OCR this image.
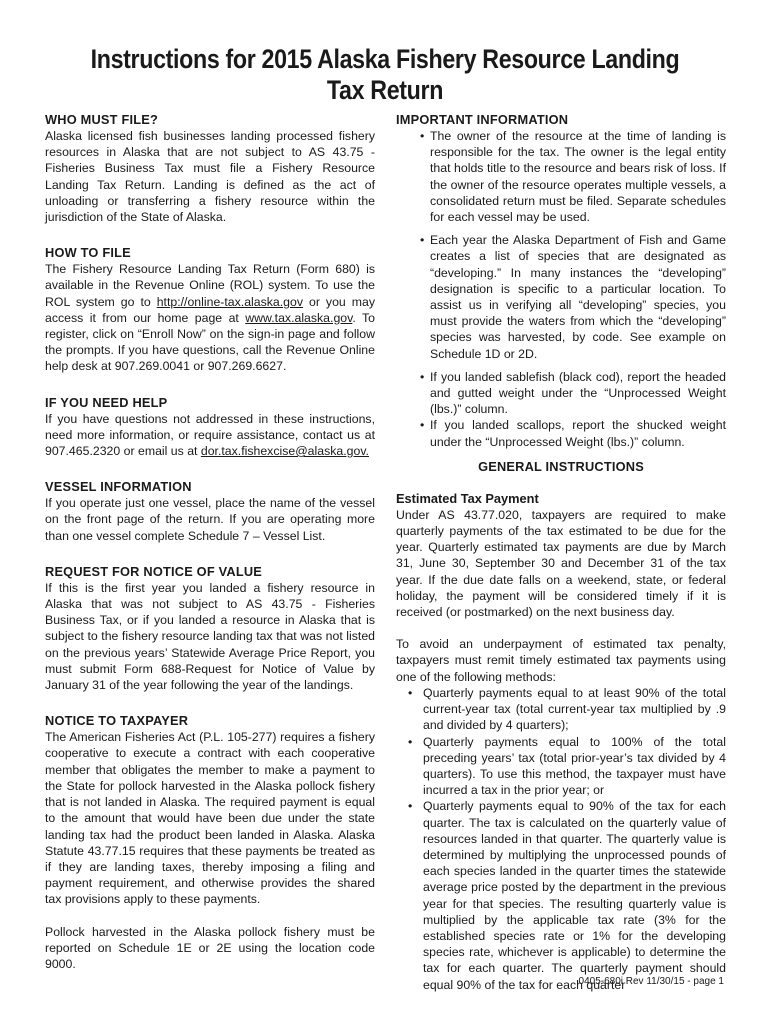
Instructions for 2015 Alaska Fishery Resource Landing
Tax Return
WHO MUST FILE?

Alaska licensed fish businesses landing processed fishery resources in Alaska that are not subject to AS 43.75 - Fisheries Business Tax must file a Fishery Resource Landing Tax Return. Landing is defined as the act of unloading or transferring a fishery resource within the jurisdiction of the State of Alaska.

HOW TO FILE

The Fishery Resource Landing Tax Return (Form 680) is available in the Revenue Online (ROL) system. To use the ROL system go to http://online-tax.alaska.gov or you may access it from our home page at www.tax.alaska.gov. To register, click on “Enroll Now” on the sign-in page and follow the prompts. If you have questions, call the Revenue Online help desk at 907.269.0041 or 907.269.6627.

IF YOU NEED HELP

If you have questions not addressed in these instructions, need more information, or require assistance, contact us at 907.465.2320 or email us at dor.tax.fishexcise@alaska.gov.

VESSEL INFORMATION

If you operate just one vessel, place the name of the vessel on the front page of the return. If you are operating more than one vessel complete Schedule 7 – Vessel List.

REQUEST FOR NOTICE OF VALUE

If this is the first year you landed a fishery resource in Alaska that was not subject to AS 43.75 - Fisheries Business Tax, or if you landed a resource in Alaska that is subject to the fishery resource landing tax that was not listed on the previous years’ Statewide Average Price Report, you must submit Form 688-Request for Notice of Value by January 31 of the year following the year of the landings.

NOTICE TO TAXPAYER

The American Fisheries Act (P.L. 105-277) requires a fishery cooperative to execute a contract with each cooperative member that obligates the member to make a payment to the State for pollock harvested in the Alaska pollock fishery that is not landed in Alaska. The required payment is equal to the amount that would have been due under the state landing tax had the product been landed in Alaska. Alaska Statute 43.77.15 requires that these payments be treated as if they are landing taxes, thereby imposing a filing and payment requirement, and otherwise provides the shared tax provisions apply to these payments.

Pollock harvested in the Alaska pollock fishery must be reported on Schedule 1E or 2E using the location code 9000.

IMPORTANT INFORMATION
• The owner of the resource at the time of landing is responsible for the tax. The owner is the legal entity that holds title to the resource and bears risk of loss. If the owner of the resource operates multiple vessels, a consolidated return must be filed. Separate schedules for each vessel may be used.
• Each year the Alaska Department of Fish and Game creates a list of species that are designated as “developing.” In many instances the “developing” designation is specific to a particular location. To assist us in verifying all “developing” species, you must provide the waters from which the “developing” species was harvested, by code. See example on Schedule 1D or 2D.
• If you landed sablefish (black cod), report the headed and gutted weight under the “Unprocessed Weight (lbs.)” column.
• If you landed scallops, report the shucked weight under the “Unprocessed Weight (lbs.)” column.
GENERAL INSTRUCTIONS
Estimated Tax Payment

Under AS 43.77.020, taxpayers are required to make quarterly payments of the tax estimated to be due for the year. Quarterly estimated tax payments are due by March 31, June 30, September 30 and December 31 of the tax year. If the due date falls on a weekend, state, or federal holiday, the payment will be considered timely if it is received (or postmarked) on the next business day.

To avoid an underpayment of estimated tax penalty, taxpayers must remit timely estimated tax payments using one of the following methods:

• Quarterly payments equal to at least 90% of the total current-year tax (total current-year tax multiplied by .9 and divided by 4 quarters);
• Quarterly payments equal to 100% of the total preceding years’ tax (total prior-year’s tax divided by 4 quarters). To use this method, the taxpayer must have incurred a tax in the prior year; or
• Quarterly payments equal to 90% of the tax for each quarter. The tax is calculated on the quarterly value of resources landed in that quarter. The quarterly value is determined by multiplying the unprocessed pounds of each species landed in the quarter times the statewide average price posted by the department in the previous year for that species. The resulting quarterly value is multiplied by the applicable tax rate (3% for the established species rate or 1% for the developing species rate, whichever is applicable) to determine the tax for each quarter. The quarterly payment should equal 90% of the tax for each quarter
0405-680i Rev 11/30/15 - page 1
